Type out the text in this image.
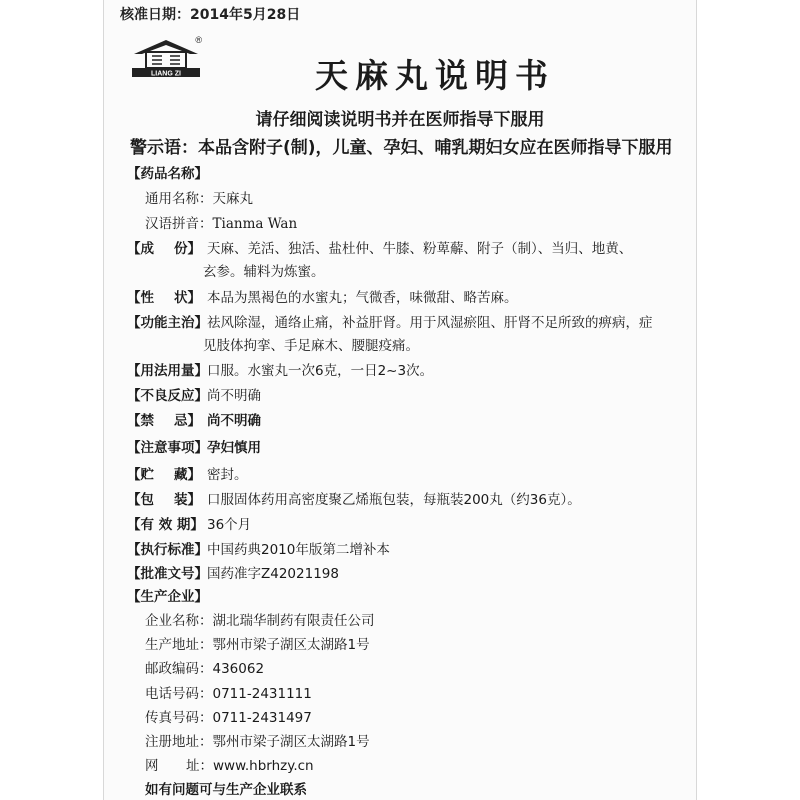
核准日期：2014年5月28日
LIANG ZI
®
天麻丸说明书
请仔细阅读说明书并在医师指导下服用
警示语：本品含附子(制)，儿童、孕妇、哺乳期妇女应在医师指导下服用
【药品名称】
通用名称：天麻丸
汉语拼音：Tianma Wan
【成 份】 天麻、羌活、独活、盐杜仲、牛膝、粉萆薢、附子（制）、当归、地黄、
玄参。辅料为炼蜜。
【性 状】 本品为黑褐色的水蜜丸；气微香，味微甜、略苦麻。
【功能主治】祛风除湿，通络止痛，补益肝肾。用于风湿瘀阻、肝肾不足所致的痹病，症
见肢体拘挛、手足麻木、腰腿疫痛。
【用法用量】口服。水蜜丸一次6克，一日2~3次。
【不良反应】尚不明确
【禁 忌】 尚不明确
【注意事项】孕妇慎用
【贮 藏】 密封。
【包 装】 口服固体药用高密度聚乙烯瓶包装，每瓶装200丸（约36克）。
【有 效 期】 36个月
【执行标准】中国药典2010年版第二增补本
【批准文号】国药准字Z42021198
【生产企业】
企业名称：湖北瑞华制药有限责任公司
生产地址：鄂州市梁子湖区太湖路1号
邮政编码：436062
电话号码：0711-2431111
传真号码：0711-2431497
注册地址：鄂州市梁子湖区太湖路1号
网 址： www.hbrhzy.cn
如有问题可与生产企业联系
